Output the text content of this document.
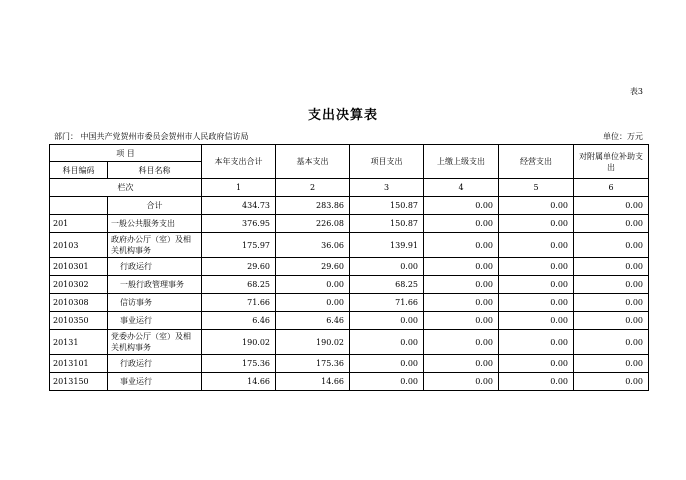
表3
支出决算表
部门： 中国共产党贺州市委员会贺州市人民政府信访局	单位：万元
项 目		本年支出合计	基本支出	项目支出	上缴上级支出	经营支出	对附属单位补助支出
科目编码	科目名称						
栏次		1	2	3	4	5	6
	合计	434.73	283.86	150.87	0.00	0.00	0.00
201	一般公共服务支出	376.95	226.08	150.87	0.00	0.00	0.00
20103	政府办公厅（室）及相关机构事务	175.97	36.06	139.91	0.00	0.00	0.00
2010301	行政运行	29.60	29.60	0.00	0.00	0.00	0.00
2010302	一般行政管理事务	68.25	0.00	68.25	0.00	0.00	0.00
2010308	信访事务	71.66	0.00	71.66	0.00	0.00	0.00
2010350	事业运行	6.46	6.46	0.00	0.00	0.00	0.00
20131	党委办公厅（室）及相关机构事务	190.02	190.02	0.00	0.00	0.00	0.00
2013101	行政运行	175.36	175.36	0.00	0.00	0.00	0.00
2013150	事业运行	14.66	14.66	0.00	0.00	0.00	0.00
